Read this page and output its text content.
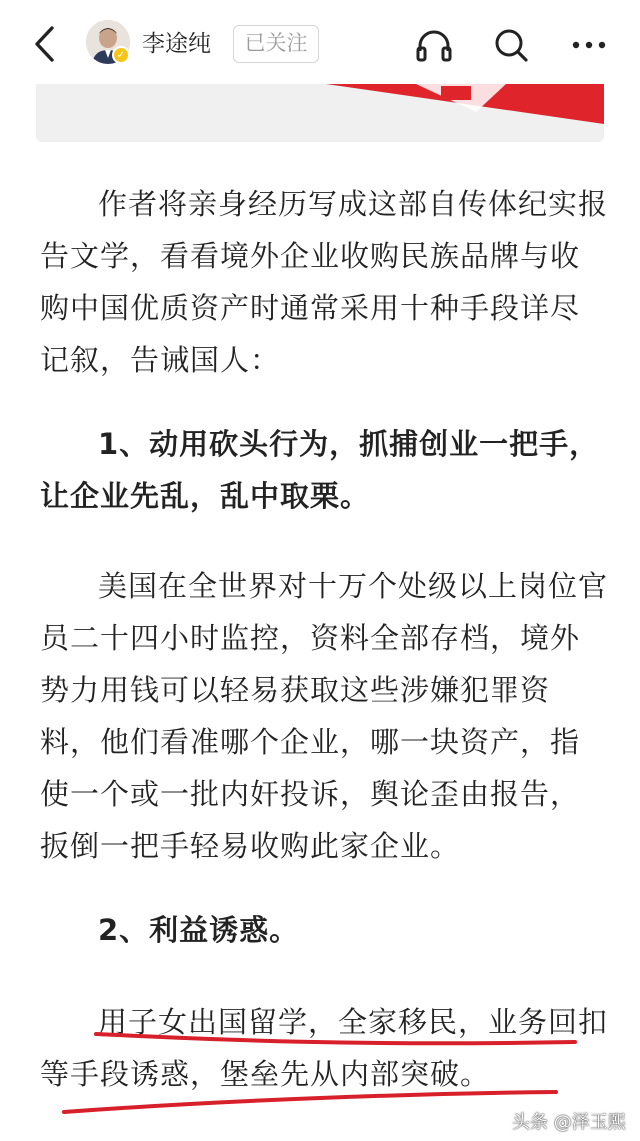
✓ 李途纯	已关注

作者将亲身经历写成这部自传体纪实报告文学，看看境外企业收购民族品牌与收购中国优质资产时通常采用十种手段详尽记叙，告诫国人：

1、动用砍头行为，抓捕创业一把手，让企业先乱，乱中取栗。

美国在全世界对十万个处级以上岗位官员二十四小时监控，资料全部存档，境外势力用钱可以轻易获取这些涉嫌犯罪资料，他们看准哪个企业，哪一块资产，指使一个或一批内奸投诉，舆论歪由报告，扳倒一把手轻易收购此家企业。

2、利益诱惑。

用子女出国留学，全家移民，业务回扣等手段诱惑，堡垒先从内部突破。

头条 @泽玉熙
